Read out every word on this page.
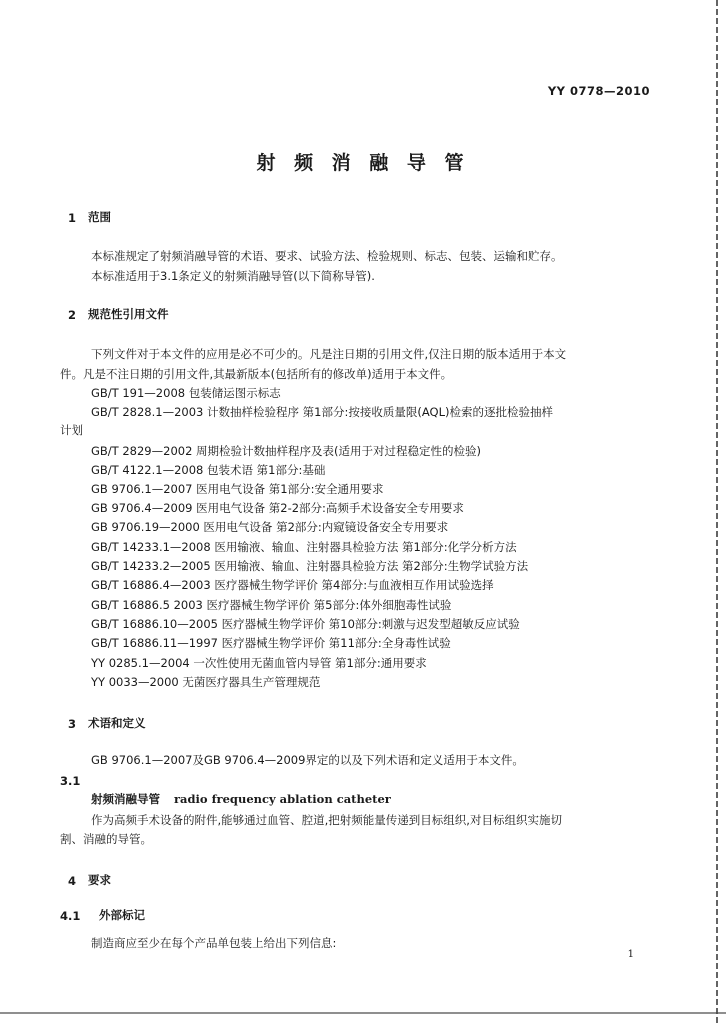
YY 0778—2010
射 频 消 融 导 管
1 范围
本标准规定了射频消融导管的术语、要求、试验方法、检验规则、标志、包装、运输和贮存。
本标准适用于3.1条定义的射频消融导管(以下简称导管).
2 规范性引用文件
下列文件对于本文件的应用是必不可少的。凡是注日期的引用文件,仅注日期的版本适用于本文
件。凡是不注日期的引用文件,其最新版本(包括所有的修改单)适用于本文件。
GB/T 191—2008 包装储运图示标志
GB/T 2828.1—2003 计数抽样检验程序 第1部分:按接收质量限(AQL)检索的逐批检验抽样
计划
GB/T 2829—2002 周期检验计数抽样程序及表(适用于对过程稳定性的检验)
GB/T 4122.1—2008 包装术语 第1部分:基础
GB 9706.1—2007 医用电气设备 第1部分:安全通用要求
GB 9706.4—2009 医用电气设备 第2-2部分:高频手术设备安全专用要求
GB 9706.19—2000 医用电气设备 第2部分:内窥镜设备安全专用要求
GB/T 14233.1—2008 医用输液、输血、注射器具检验方法 第1部分:化学分析方法
GB/T 14233.2—2005 医用输液、输血、注射器具检验方法 第2部分:生物学试验方法
GB/T 16886.4—2003 医疗器械生物学评价 第4部分:与血液相互作用试验选择
GB/T 16886.5 2003 医疗器械生物学评价 第5部分:体外细胞毒性试验
GB/T 16886.10—2005 医疗器械生物学评价 第10部分:刺激与迟发型超敏反应试验
GB/T 16886.11—1997 医疗器械生物学评价 第11部分:全身毒性试验
YY 0285.1—2004 一次性使用无菌血管内导管 第1部分:通用要求
YY 0033—2000 无菌医疗器具生产管理规范
3 术语和定义
GB 9706.1—2007及GB 9706.4—2009界定的以及下列术语和定义适用于本文件。
3.1
射频消融导管 radio frequency ablation catheter
作为高频手术设备的附件,能够通过血管、腔道,把射频能量传递到目标组织,对目标组织实施切
割、消融的导管。
4 要求
4.1 外部标记
制造商应至少在每个产品单包装上给出下列信息:
1
